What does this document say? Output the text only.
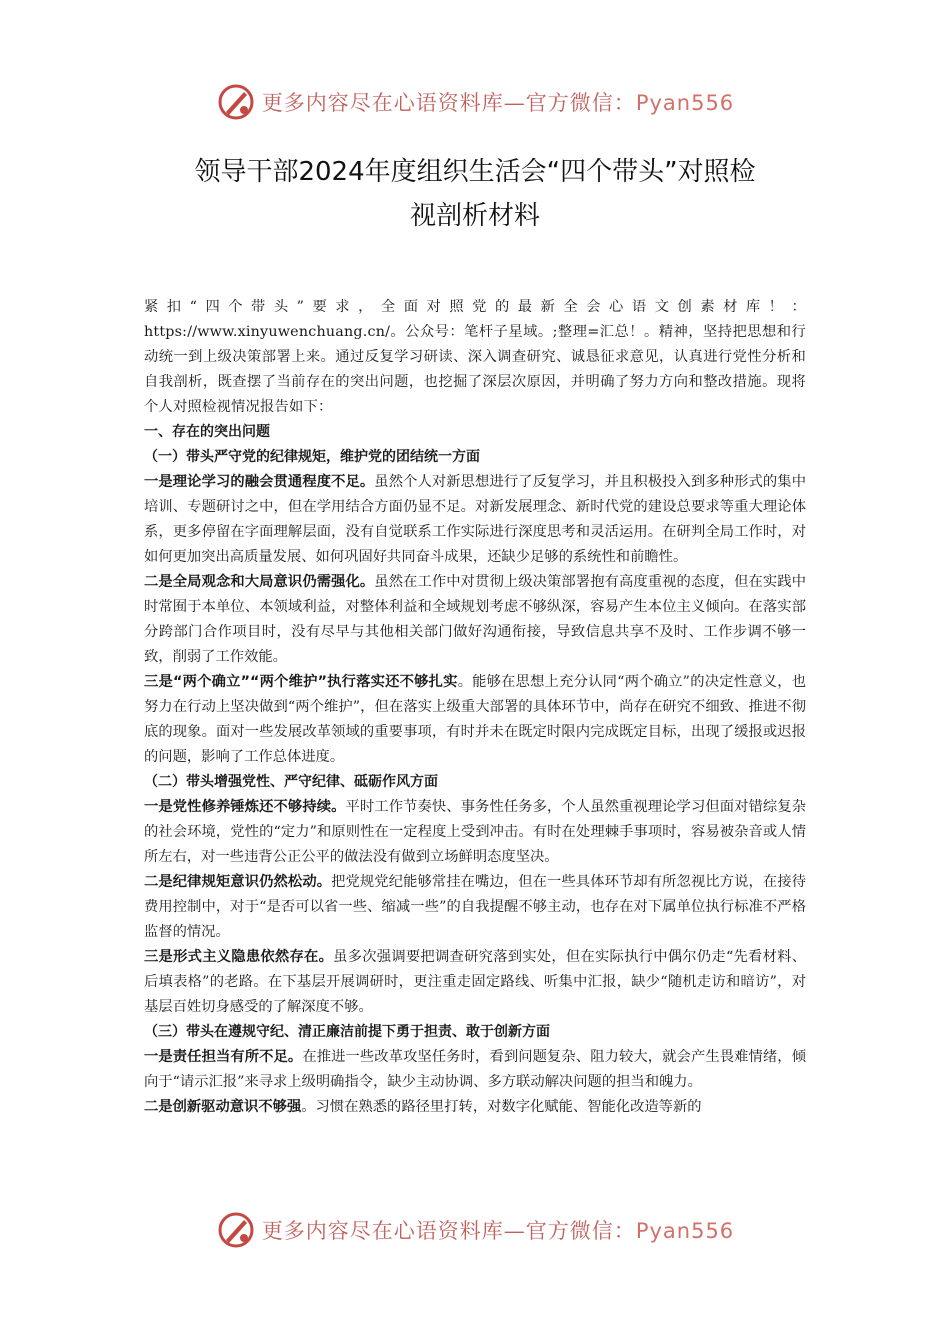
更多内容尽在心语资料库—官方微信：Pyan556
领导干部2024年度组织生活会“四个带头”对照检
视剖析材料

紧扣“四个带头”要求，全面对照党的最新全会心语文创素材库！：https://www.xinyuwenchuang.cn/。公众号：笔杆子星域。;整理=汇总！。精神，坚持把思想和行动统一到上级决策部署上来。通过反复学习研读、深入调查研究、诚恳征求意见，认真进行党性分析和自我剖析，既查摆了当前存在的突出问题，也挖掘了深层次原因，并明确了努力方向和整改措施。现将个人对照检视情况报告如下：

一、存在的突出问题

（一）带头严守党的纪律规矩，维护党的团结统一方面

一是理论学习的融会贯通程度不足。虽然个人对新思想进行了反复学习，并且积极投入到多种形式的集中培训、专题研讨之中，但在学用结合方面仍显不足。对新发展理念、新时代党的建设总要求等重大理论体系，更多停留在字面理解层面，没有自觉联系工作实际进行深度思考和灵活运用。在研判全局工作时，对如何更加突出高质量发展、如何巩固好共同奋斗成果，还缺少足够的系统性和前瞻性。

二是全局观念和大局意识仍需强化。虽然在工作中对贯彻上级决策部署抱有高度重视的态度，但在实践中时常囿于本单位、本领域利益，对整体利益和全域规划考虑不够纵深，容易产生本位主义倾向。在落实部分跨部门合作项目时，没有尽早与其他相关部门做好沟通衔接，导致信息共享不及时、工作步调不够一致，削弱了工作效能。

三是“两个确立”“两个维护”执行落实还不够扎实。能够在思想上充分认同“两个确立”的决定性意义，也努力在行动上坚决做到“两个维护”，但在落实上级重大部署的具体环节中，尚存在研究不细致、推进不彻底的现象。面对一些发展改革领域的重要事项，有时并未在既定时限内完成既定目标，出现了缓报或迟报的问题，影响了工作总体进度。

（二）带头增强党性、严守纪律、砥砺作风方面

一是党性修养锤炼还不够持续。平时工作节奏快、事务性任务多，个人虽然重视理论学习但面对错综复杂的社会环境，党性的“定力”和原则性在一定程度上受到冲击。有时在处理棘手事项时，容易被杂音或人情所左右，对一些违背公正公平的做法没有做到立场鲜明态度坚决。

二是纪律规矩意识仍然松动。把党规党纪能够常挂在嘴边，但在一些具体环节却有所忽视比方说，在接待费用控制中，对于“是否可以省一些、缩减一些”的自我提醒不够主动，也存在对下属单位执行标准不严格监督的情况。

三是形式主义隐患依然存在。虽多次强调要把调查研究落到实处，但在实际执行中偶尔仍走“先看材料、后填表格”的老路。在下基层开展调研时，更注重走固定路线、听集中汇报，缺少“随机走访和暗访”，对基层百姓切身感受的了解深度不够。

（三）带头在遵规守纪、清正廉洁前提下勇于担责、敢于创新方面

一是责任担当有所不足。在推进一些改革攻坚任务时，看到问题复杂、阻力较大，就会产生畏难情绪，倾向于“请示汇报”来寻求上级明确指令，缺少主动协调、多方联动解决问题的担当和魄力。

二是创新驱动意识不够强。习惯在熟悉的路径里打转，对数字化赋能、智能化改造等新的

更多内容尽在心语资料库—官方微信：Pyan556
